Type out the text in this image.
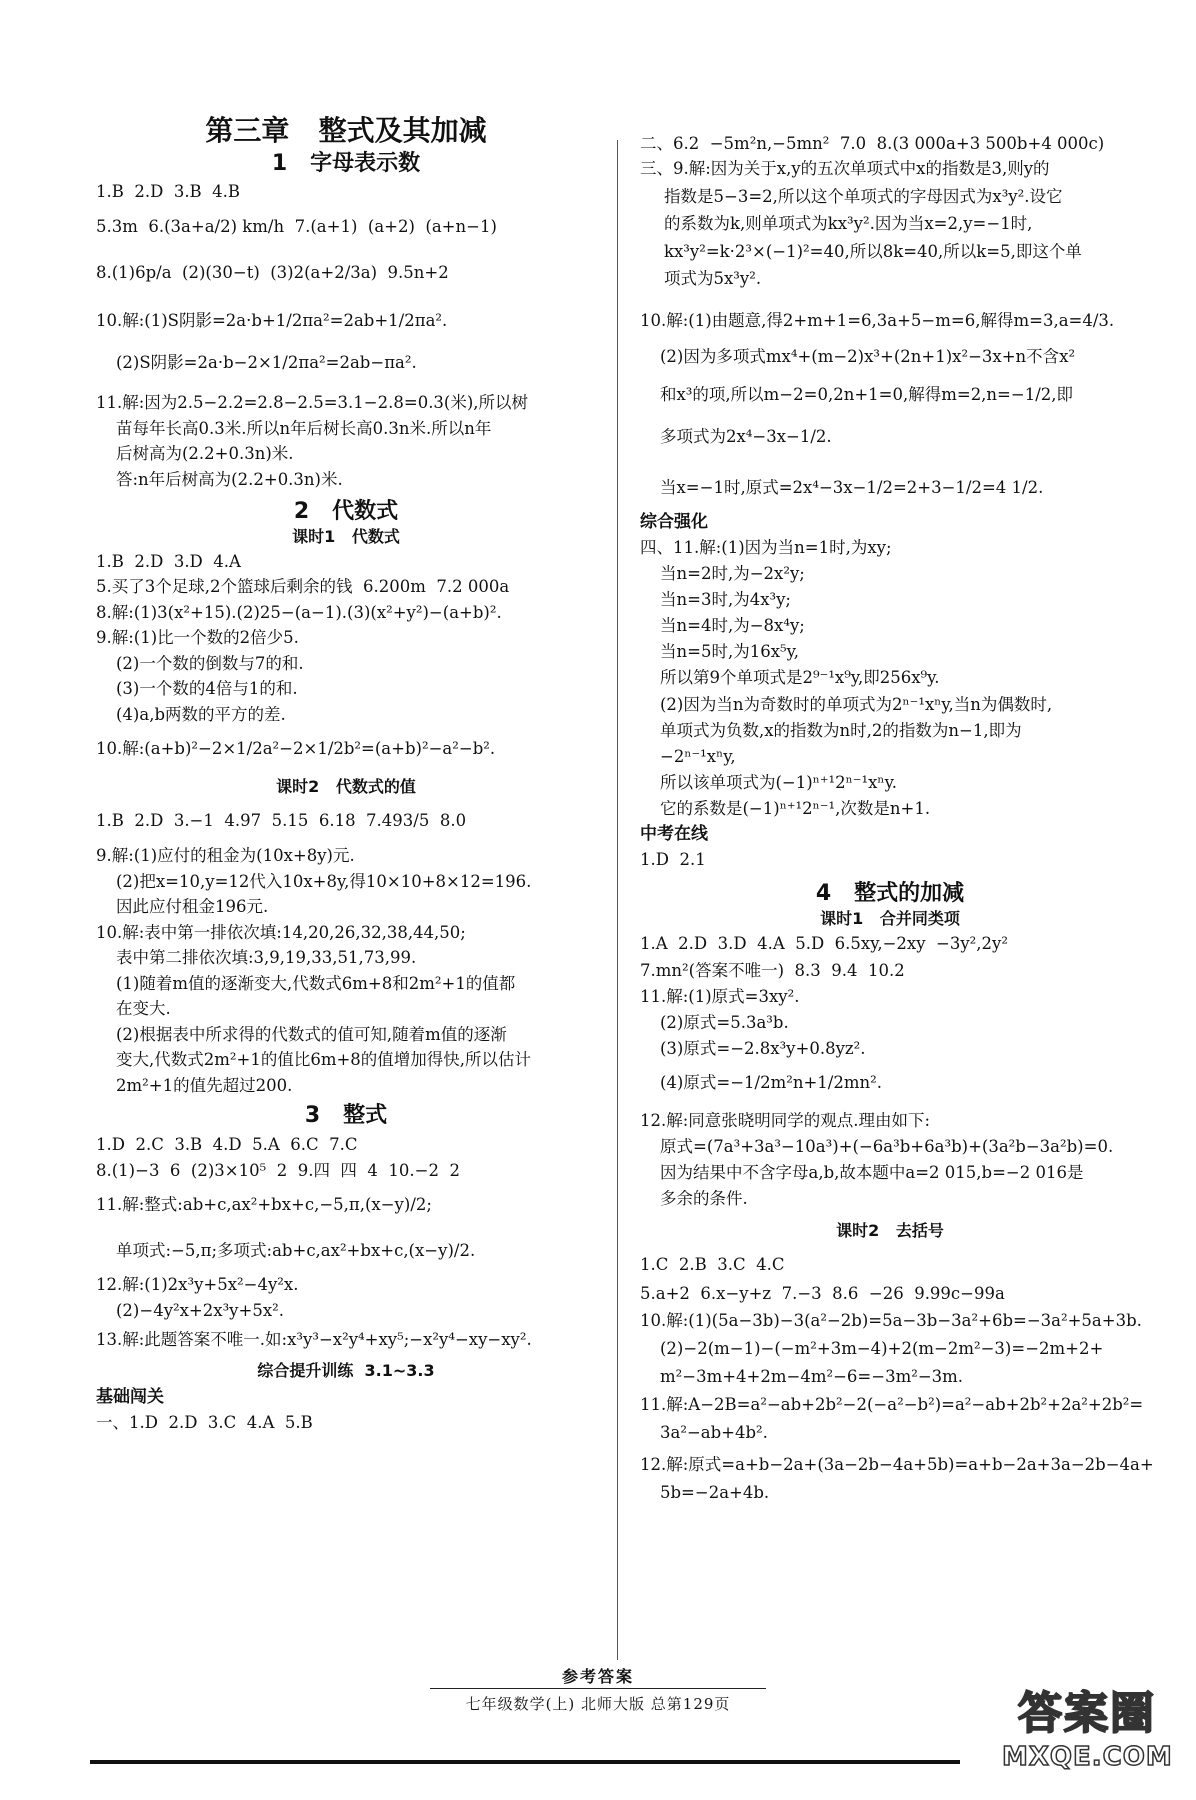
第三章   整式及其加减

1   字母表示数

1.B  2.D  3.B  4.B

5.3m  6.(3a+a/2) km/h  7.(a+1)  (a+2)  (a+n−1)

8.(1)6p/a  (2)(30−t)  (3)2(a+2/3a)  9.5n+2

10.解:(1)S阴影=2a·b+1/2πa²=2ab+1/2πa².

(2)S阴影=2a·b−2×1/2πa²=2ab−πa².

11.解:因为2.5−2.2=2.8−2.5=3.1−2.8=0.3(米),所以树

苗每年长高0.3米.所以n年后树长高0.3n米.所以n年

后树高为(2.2+0.3n)米.

答:n年后树高为(2.2+0.3n)米.

2   代数式

课时1   代数式

1.B  2.D  3.D  4.A

5.买了3个足球,2个篮球后剩余的钱  6.200m  7.2 000a

8.解:(1)3(x²+15).(2)25−(a−1).(3)(x²+y²)−(a+b)².

9.解:(1)比一个数的2倍少5.

(2)一个数的倒数与7的和.

(3)一个数的4倍与1的和.

(4)a,b两数的平方的差.

10.解:(a+b)²−2×1/2a²−2×1/2b²=(a+b)²−a²−b².

课时2   代数式的值

1.B  2.D  3.−1  4.97  5.15  6.18  7.493/5  8.0

9.解:(1)应付的租金为(10x+8y)元.

(2)把x=10,y=12代入10x+8y,得10×10+8×12=196.

因此应付租金196元.

10.解:表中第一排依次填:14,20,26,32,38,44,50;

表中第二排依次填:3,9,19,33,51,73,99.

(1)随着m值的逐渐变大,代数式6m+8和2m²+1的值都

在变大.

(2)根据表中所求得的代数式的值可知,随着m值的逐渐

变大,代数式2m²+1的值比6m+8的值增加得快,所以估计

2m²+1的值先超过200.

3   整式

1.D  2.C  3.B  4.D  5.A  6.C  7.C

8.(1)−3  6  (2)3×10⁵  2  9.四  四  4  10.−2  2

11.解:整式:ab+c,ax²+bx+c,−5,π,(x−y)/2;

单项式:−5,π;多项式:ab+c,ax²+bx+c,(x−y)/2.

12.解:(1)2x³y+5x²−4y²x.

(2)−4y²x+2x³y+5x².

13.解:此题答案不唯一.如:x³y³−x²y⁴+xy⁵;−x²y⁴−xy−xy².

综合提升训练  3.1~3.3

基础闯关

一、1.D  2.D  3.C  4.A  5.B

二、6.2  −5m²n,−5mn²  7.0  8.(3 000a+3 500b+4 000c)

三、9.解:因为关于x,y的五次单项式中x的指数是3,则y的

指数是5−3=2,所以这个单项式的字母因式为x³y².设它

的系数为k,则单项式为kx³y².因为当x=2,y=−1时,

kx³y²=k·2³×(−1)²=40,所以8k=40,所以k=5,即这个单

项式为5x³y².

10.解:(1)由题意,得2+m+1=6,3a+5−m=6,解得m=3,a=4/3.

(2)因为多项式mx⁴+(m−2)x³+(2n+1)x²−3x+n不含x²

和x³的项,所以m−2=0,2n+1=0,解得m=2,n=−1/2,即

多项式为2x⁴−3x−1/2.

当x=−1时,原式=2x⁴−3x−1/2=2+3−1/2=4 1/2.

综合强化

四、11.解:(1)因为当n=1时,为xy;

当n=2时,为−2x²y;

当n=3时,为4x³y;

当n=4时,为−8x⁴y;

当n=5时,为16x⁵y,

所以第9个单项式是2⁹⁻¹x⁹y,即256x⁹y.

(2)因为当n为奇数时的单项式为2ⁿ⁻¹xⁿy,当n为偶数时,

单项式为负数,x的指数为n时,2的指数为n−1,即为

−2ⁿ⁻¹xⁿy,

所以该单项式为(−1)ⁿ⁺¹2ⁿ⁻¹xⁿy.

它的系数是(−1)ⁿ⁺¹2ⁿ⁻¹,次数是n+1.

中考在线

1.D  2.1

4   整式的加减

课时1   合并同类项

1.A  2.D  3.D  4.A  5.D  6.5xy,−2xy  −3y²,2y²

7.mn²(答案不唯一)  8.3  9.4  10.2

11.解:(1)原式=3xy².

(2)原式=5.3a³b.

(3)原式=−2.8x³y+0.8yz².

(4)原式=−1/2m²n+1/2mn².

12.解:同意张晓明同学的观点.理由如下:

原式=(7a³+3a³−10a³)+(−6a³b+6a³b)+(3a²b−3a²b)=0.

因为结果中不含字母a,b,故本题中a=2 015,b=−2 016是

多余的条件.

课时2   去括号

1.C  2.B  3.C  4.C

5.a+2  6.x−y+z  7.−3  8.6  −26  9.99c−99a

10.解:(1)(5a−3b)−3(a²−2b)=5a−3b−3a²+6b=−3a²+5a+3b.

(2)−2(m−1)−(−m²+3m−4)+2(m−2m²−3)=−2m+2+

m²−3m+4+2m−4m²−6=−3m²−3m.

11.解:A−2B=a²−ab+2b²−2(−a²−b²)=a²−ab+2b²+2a²+2b²=

3a²−ab+4b².

12.解:原式=a+b−2a+(3a−2b−4a+5b)=a+b−2a+3a−2b−4a+

5b=−2a+4b.

参考答案
七年级数学(上) 北师大版 总第129页	答案圈
MXQE.COM
